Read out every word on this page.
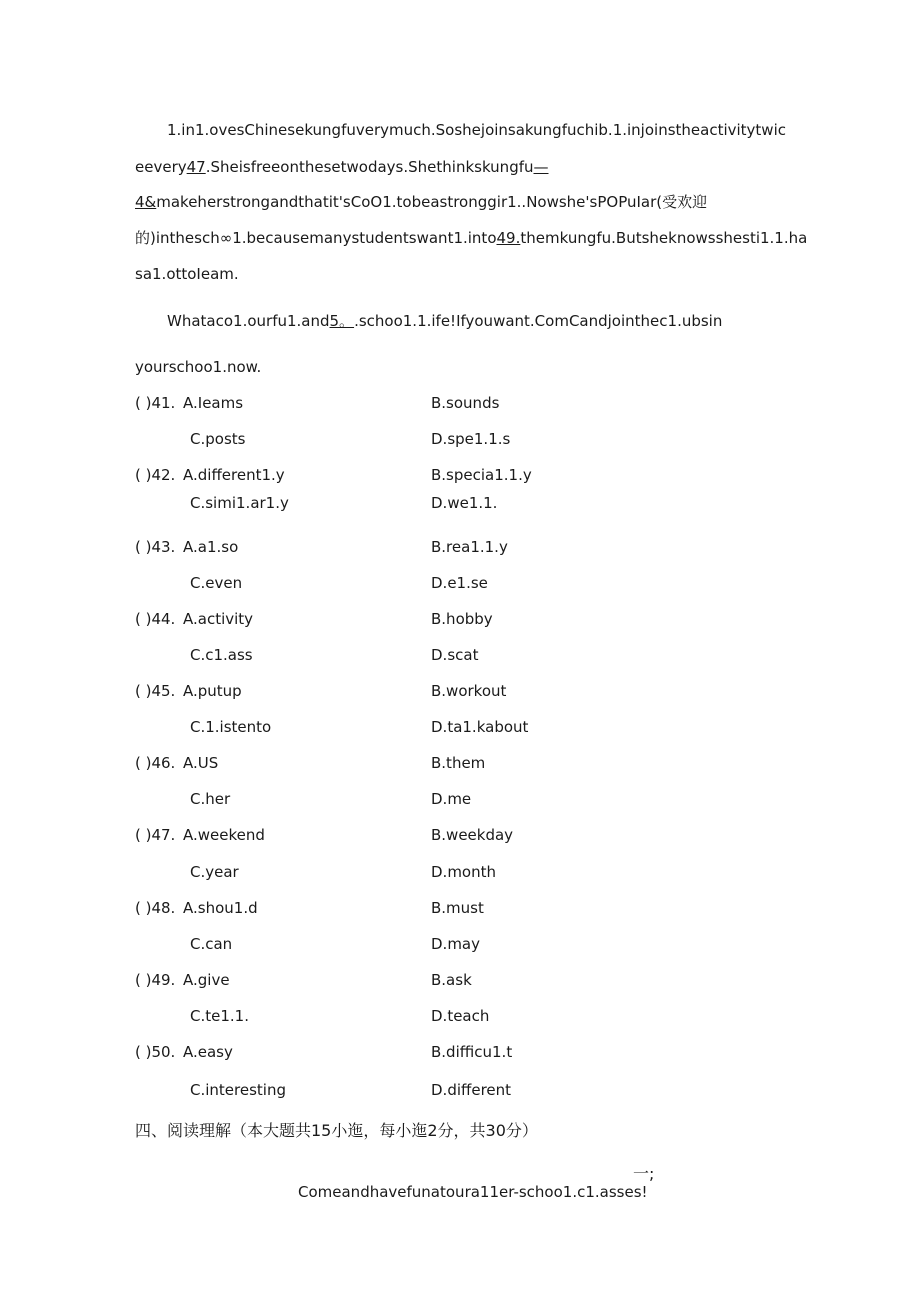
1.in1.ovesChinesekungfuverymuch.Soshejoinsakungfuchib.1.injoinstheactivitytwic
eevery47.Sheisfreeonthesetwodays.Shethinkskungfu—
4&makeherstrongandthatit'sCoO1.tobeastronggir1..Nowshe'sPOPuIar(受欢迎
的)inthesch∞1.becausemanystudentswant1.into49.themkungfu.Butsheknowsshesti1.1.ha
sa1.ottoIeam.
Whataco1.ourfu1.and5。.schoo1.1.ife!Ifyouwant.ComCandjointhec1.ubsin
yourschoo1.now.
( )41. A.Ieams	B.sounds
C.posts	D.spe1.1.s
( )42. A.different1.y	B.specia1.1.y
C.simi1.ar1.y	D.we1.1.
( )43. A.a1.so	B.rea1.1.y
C.even	D.e1.se
( )44. A.activity	B.hobby
C.c1.ass	D.scat
( )45. A.putup	B.workout
C.1.istento	D.ta1.kabout
( )46. A.US	B.them
C.her	D.me
( )47. A.weekend	B.weekday
C.year	D.month
( )48. A.shou1.d	B.must
C.can	D.may
( )49. A.give	B.ask
C.te1.1.	D.teach
( )50. A.easy	B.difficu1.t
C.interesting	D.different
四、阅读理解（本大题共15小迤，每小迤2分，共30分）
一;
Comeandhavefunatoura11er-schoo1.c1.asses!
